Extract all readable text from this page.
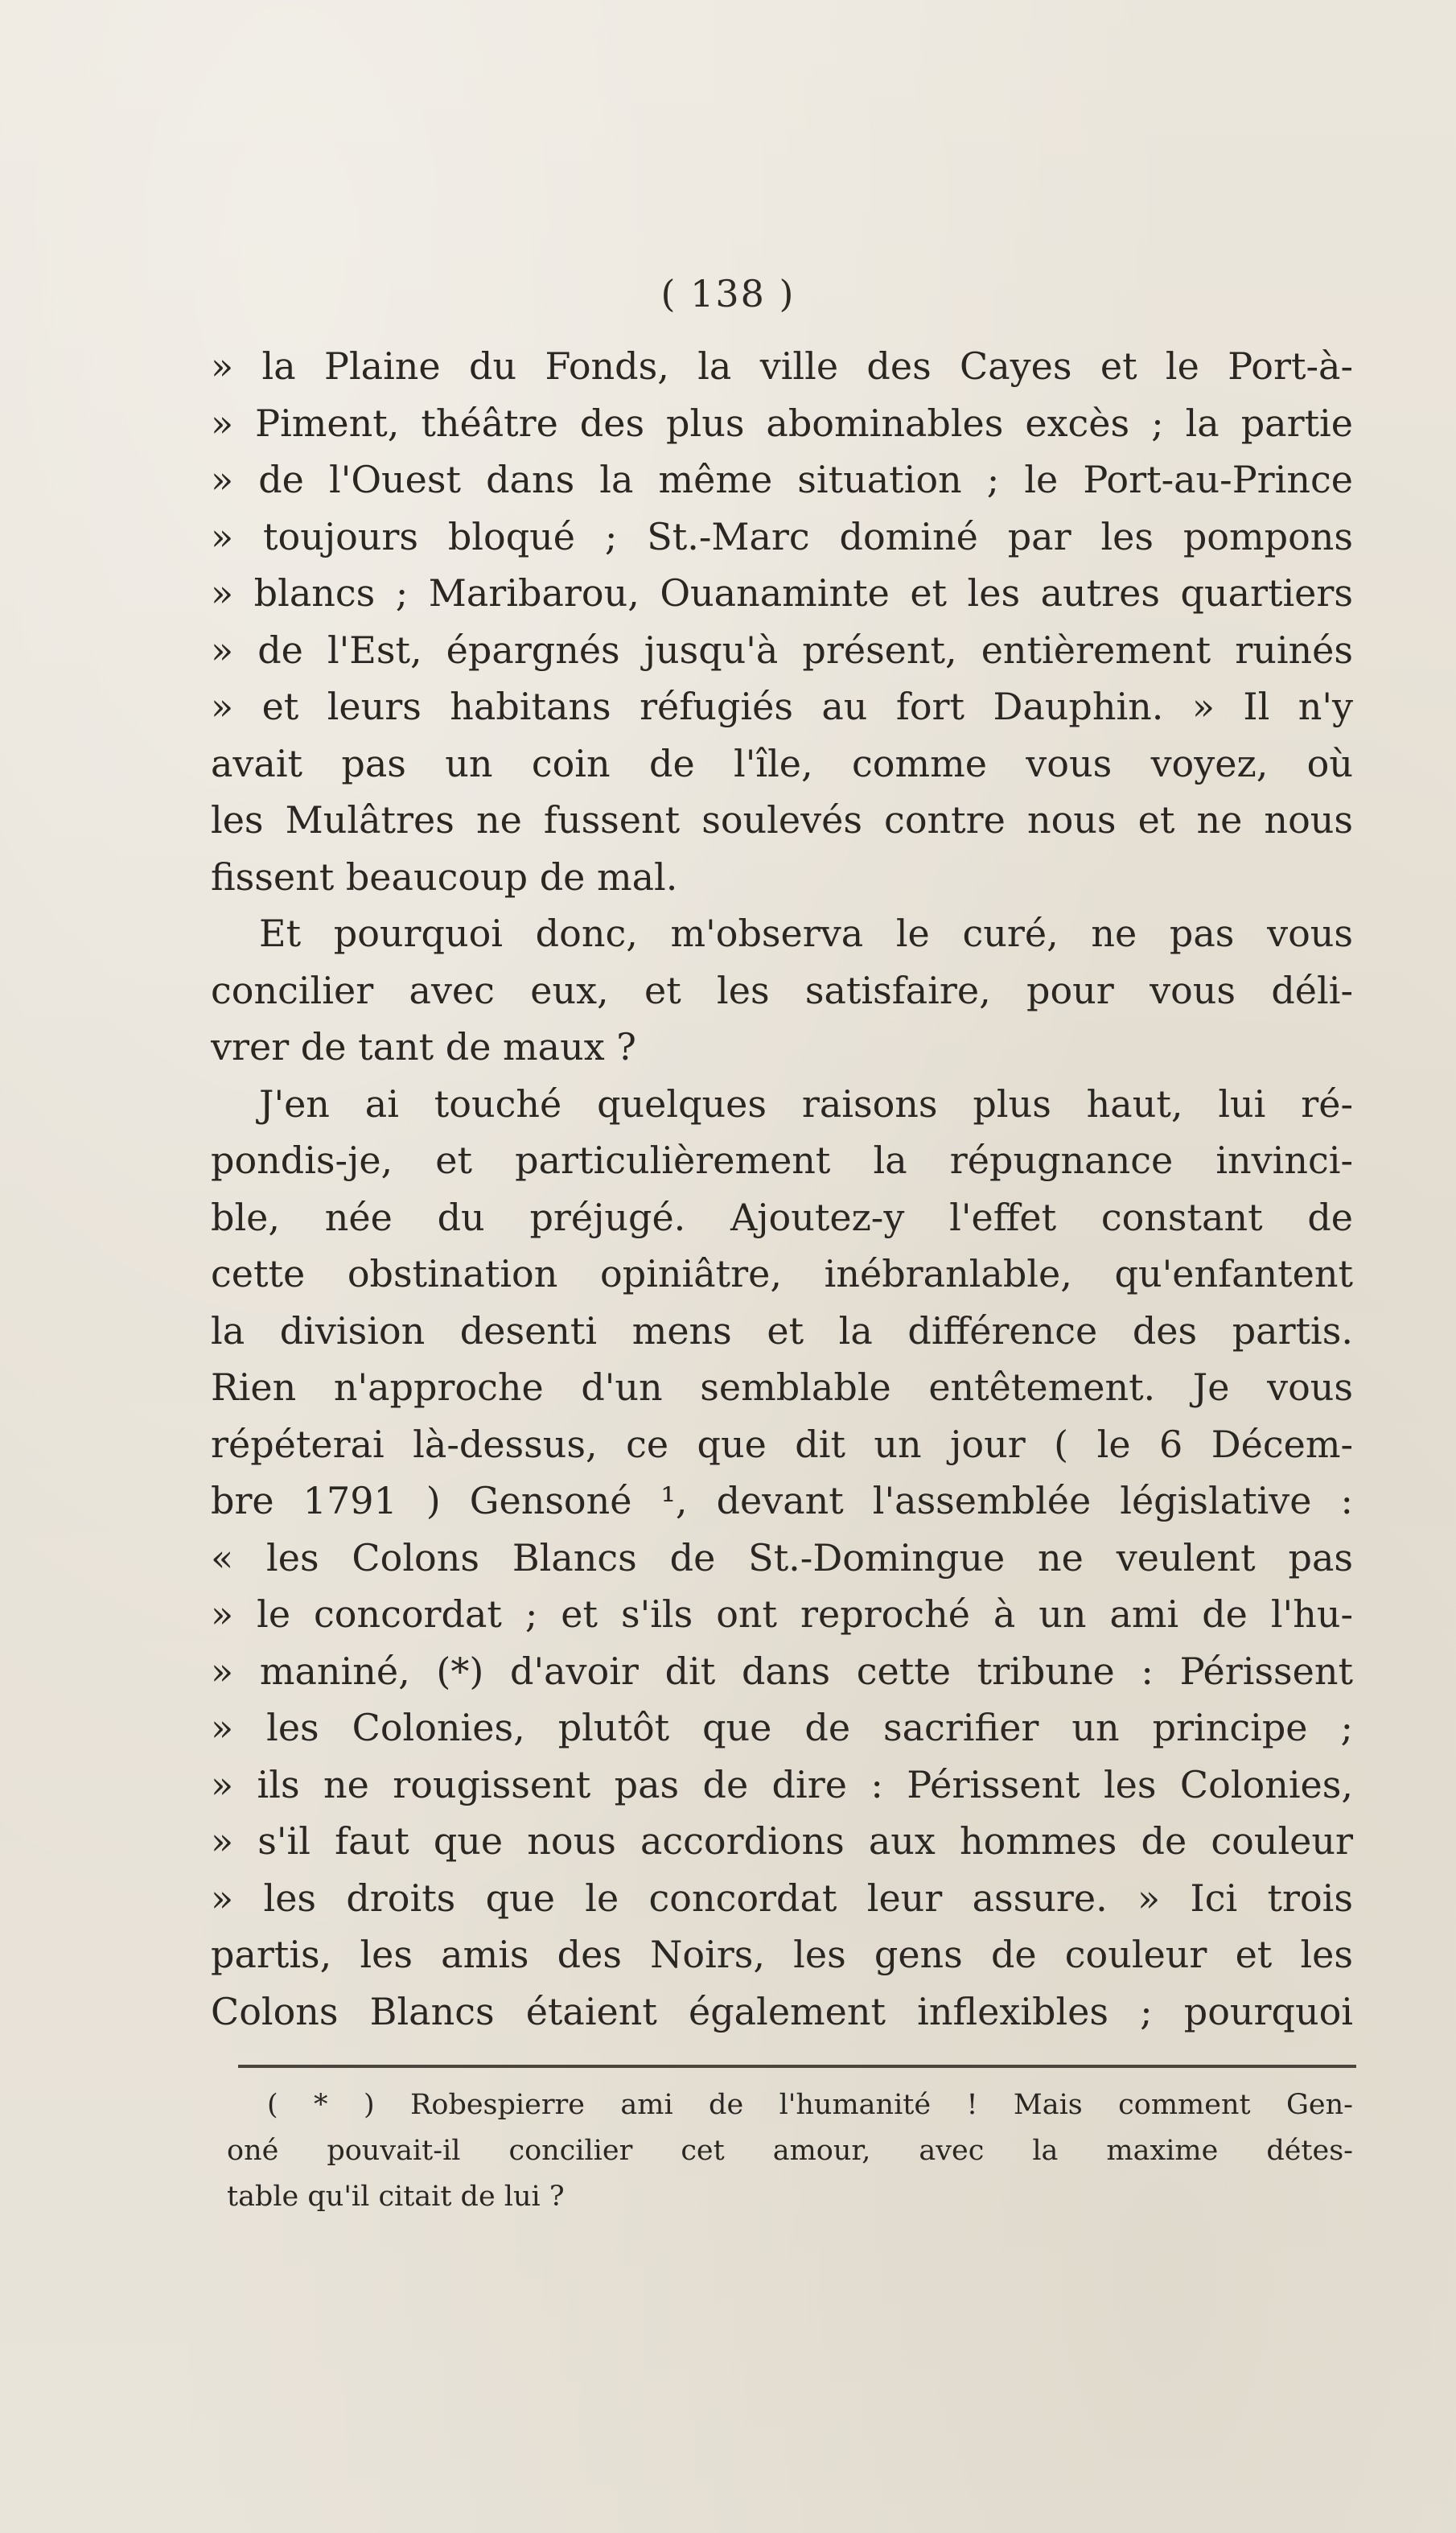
( 138 )
» la Plaine du Fonds, la ville des Cayes et le Port-à-
» Piment, théâtre des plus abominables excès ; la partie
» de l'Ouest dans la même situation ; le Port-au-Prince
» toujours bloqué ; St.-Marc dominé par les pompons
» blancs ; Maribarou, Ouanaminte et les autres quartiers
» de l'Est, épargnés jusqu'à présent, entièrement ruinés
» et leurs habitans réfugiés au fort Dauphin. » Il n'y
avait pas un coin de l'île, comme vous voyez, où
les Mulâtres ne fussent soulevés contre nous et ne nous
fissent beaucoup de mal.
Et pourquoi donc, m'observa le curé, ne pas vous
concilier avec eux, et les satisfaire, pour vous déli-
vrer de tant de maux ?
J'en ai touché quelques raisons plus haut, lui ré-
pondis-je, et particulièrement la répugnance invinci-
ble, née du préjugé. Ajoutez-y l'effet constant de
cette obstination opiniâtre, inébranlable, qu'enfantent
la division desenti mens et la différence des partis.
Rien n'approche d'un semblable entêtement. Je vous
répéterai là-dessus, ce que dit un jour ( le 6 Décem-
bre 1791 ) Gensoné ¹, devant l'assemblée législative :
« les Colons Blancs de St.-Domingue ne veulent pas
» le concordat ; et s'ils ont reproché à un ami de l'hu-
» maniné, (*) d'avoir dit dans cette tribune : Périssent
» les Colonies, plutôt que de sacrifier un principe ;
» ils ne rougissent pas de dire : Périssent les Colonies,
» s'il faut que nous accordions aux hommes de couleur
» les droits que le concordat leur assure. » Ici trois
partis, les amis des Noirs, les gens de couleur et les
Colons Blancs étaient également inflexibles ; pourquoi
( * ) Robespierre ami de l'humanité ! Mais comment Gen-
oné pouvait-il concilier cet amour, avec la maxime détes-
table qu'il citait de lui ?
